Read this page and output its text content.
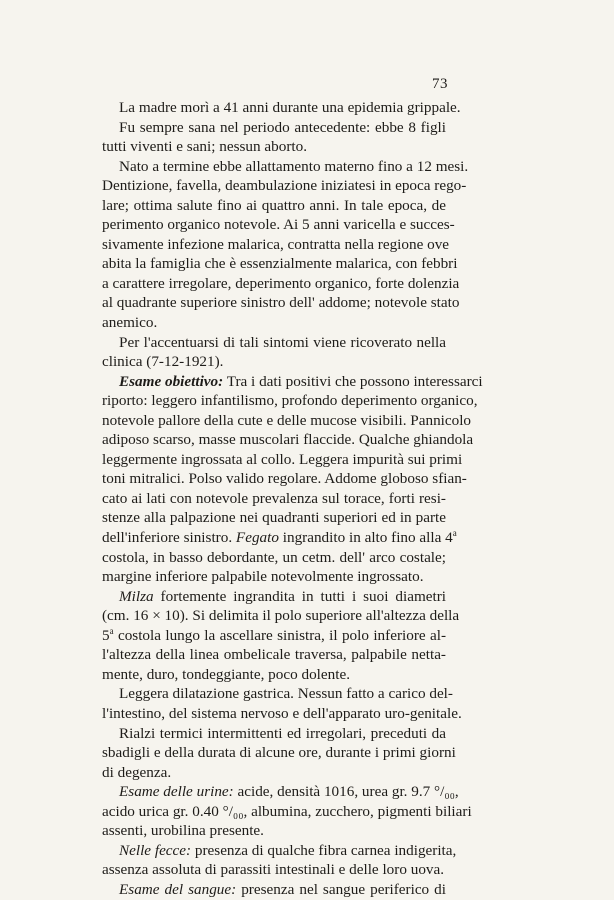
73
La madre morì a 41 anni durante una epidemia grippale.
Fu sempre sana nel periodo antecedente: ebbe 8 figli
tutti viventi e sani; nessun aborto.
Nato a termine ebbe allattamento materno fino a 12 mesi.
Dentizione, favella, deambulazione iniziatesi in epoca rego-
lare; ottima salute fino ai quattro anni. In tale epoca, de
perimento organico notevole. Ai 5 anni varicella e succes-
sivamente infezione malarica, contratta nella regione ove
abita la famiglia che è essenzialmente malarica, con febbri
a carattere irregolare, deperimento organico, forte dolenzia
al quadrante superiore sinistro dell' addome; notevole stato
anemico.
Per l'accentuarsi di tali sintomi viene ricoverato nella
clinica (7-12-1921).
Esame obiettivo: Tra i dati positivi che possono interessarci
riporto: leggero infantilismo, profondo deperimento organico,
notevole pallore della cute e delle mucose visibili. Pannicolo
adiposo scarso, masse muscolari flaccide. Qualche ghiandola
leggermente ingrossata al collo. Leggera impurità sui primi
toni mitralici. Polso valido regolare. Addome globoso sfian-
cato ai lati con notevole prevalenza sul torace, forti resi-
stenze alla palpazione nei quadranti superiori ed in parte
dell'inferiore sinistro. Fegato ingrandito in alto fino alla 4$^a$
costola, in basso debordante, un cetm. dell' arco costale;
margine inferiore palpabile notevolmente ingrossato.
Milza fortemente ingrandita in tutti i suoi diametri
(cm. 16 × 10). Si delimita il polo superiore all'altezza della
5$^a$ costola lungo la ascellare sinistra, il polo inferiore al-
l'altezza della linea ombelicale traversa, palpabile netta-
mente, duro, tondeggiante, poco dolente.
Leggera dilatazione gastrica. Nessun fatto a carico del-
l'intestino, del sistema nervoso e dell'apparato uro-genitale.
Rialzi termici intermittenti ed irregolari, preceduti da
sbadigli e della durata di alcune ore, durante i primi giorni
di degenza.
Esame delle urine: acide, densità 1016, urea gr. 9.7 °/₀₀,
acido urica gr. 0.40 °/₀₀, albumina, zucchero, pigmenti biliari
assenti, urobilina presente.
Nelle fecce: presenza di qualche fibra carnea indigerita,
assenza assoluta di parassiti intestinali e delle loro uova.
Esame del sangue: presenza nel sangue periferico di
